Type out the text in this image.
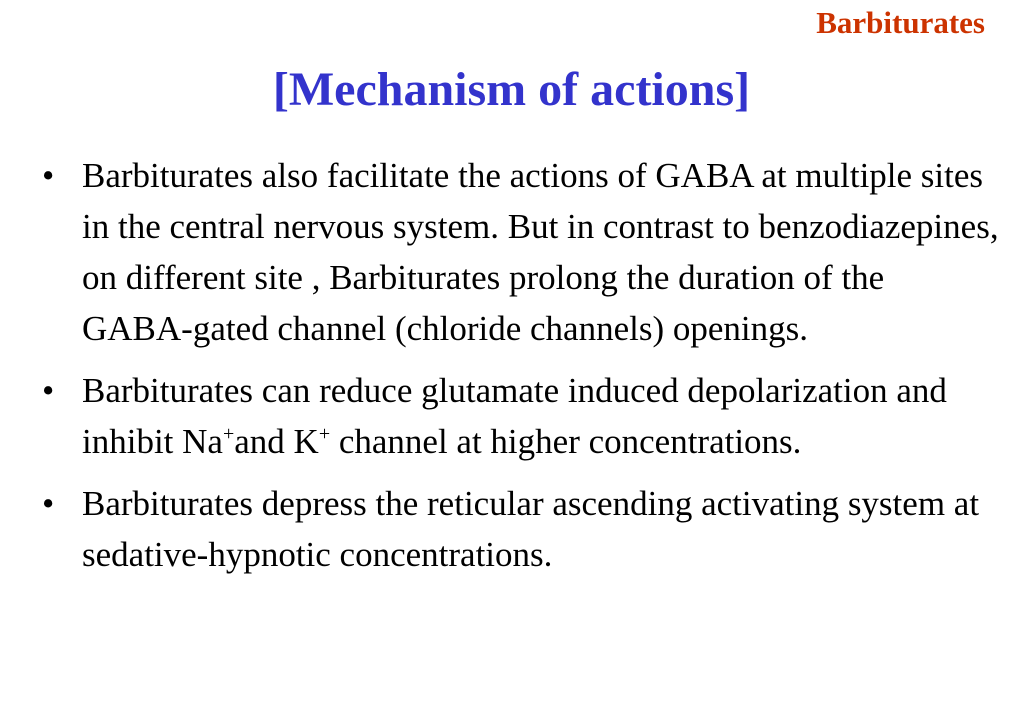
Barbiturates
[Mechanism of actions]
• Barbiturates also facilitate the actions of GABA at multiple sites in the central nervous system. But in contrast to benzodiazepines, on different site , Barbiturates prolong the duration of the GABA-gated channel (chloride channels) openings.
• Barbiturates can reduce glutamate induced depolarization and inhibit Na+and K+ channel at higher concentrations.
• Barbiturates depress the reticular ascending activating system at sedative-hypnotic concentrations.
